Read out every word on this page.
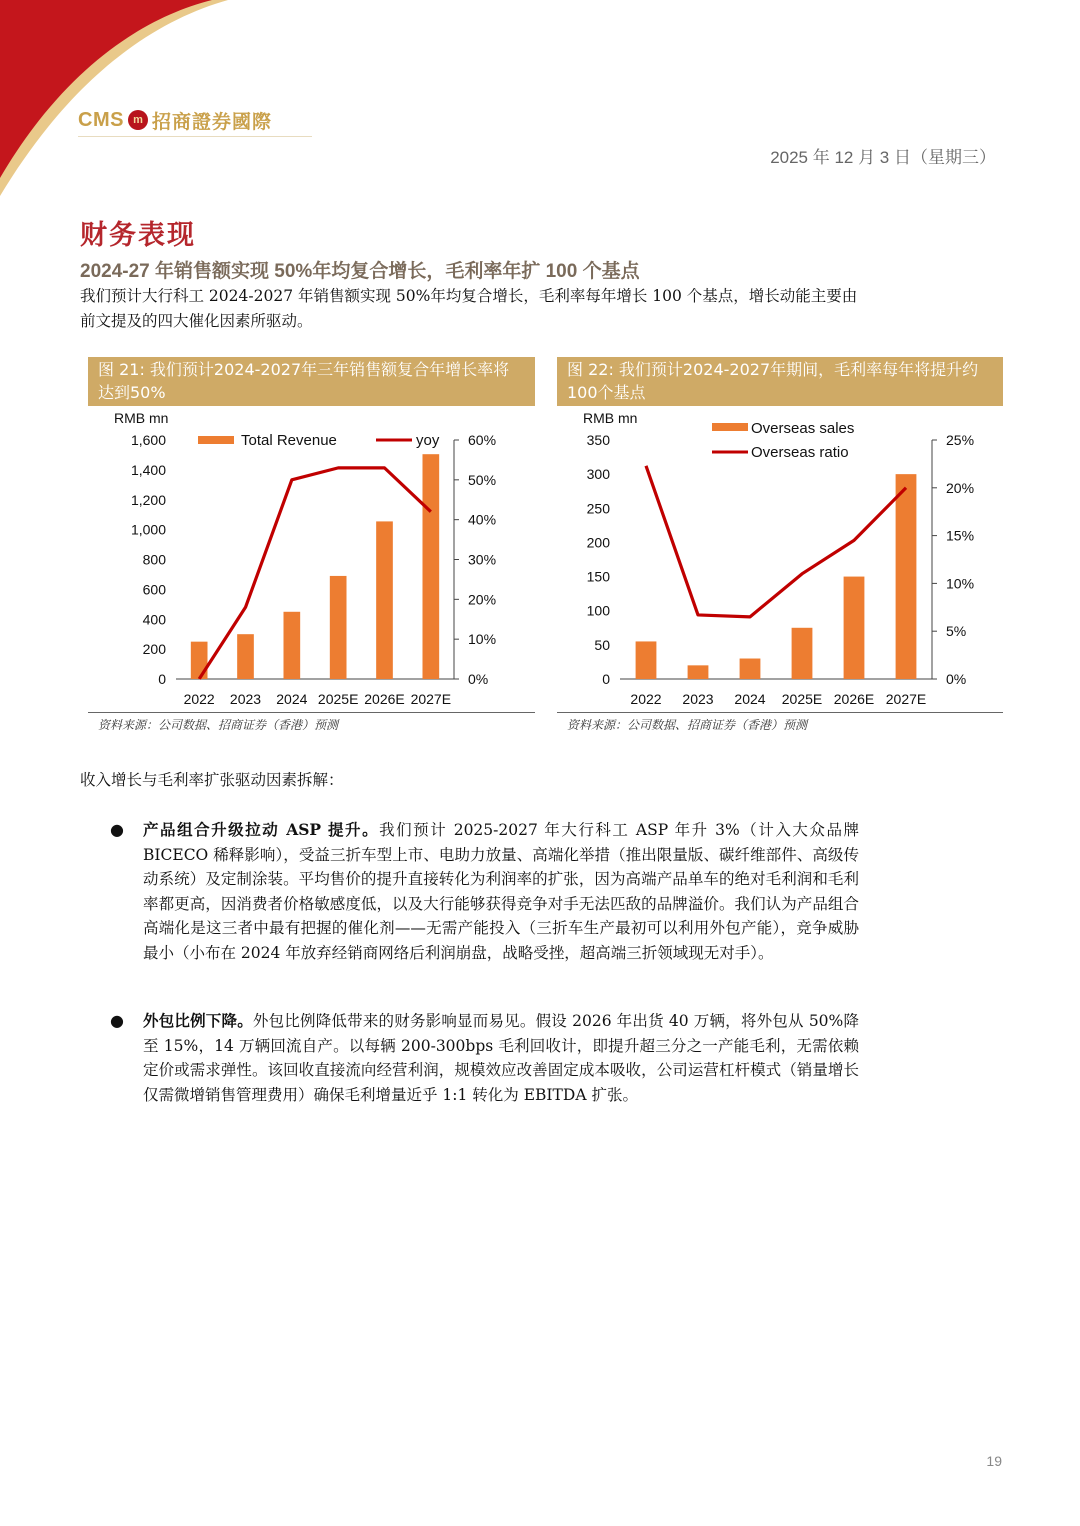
CMS m 招商證券國際
2025 年 12 月 3 日（星期三）
财务表现
2024-27 年销售额实现 50%年均复合增长，毛利率年扩 100 个基点
我们预计大行科工 2024-2027 年销售额实现 50%年均复合增长，毛利率每年增长 100 个基点，增长动能主要由前文提及的四大催化因素所驱动。
图 21: 我们预计2024-2027年三年销售额复合年增长率将达到50%
RMB mn
0
200
400
600
800
1,000
1,200
1,400
1,600
0%
10%
20%
30%
40%
50%
60%
2022 2023 2024 2025E 2026E 2027E
Total Revenue	yoy
资料来源：公司数据、招商证券（香港）预测
图 22: 我们预计2024-2027年期间，毛利率每年将提升约100个基点
RMB mn
0
50
100
150
200
250
300
350
0%
5%
10%
15%
20%
25%
2022 2023 2024 2025E 2026E 2027E
Overseas sales
Overseas ratio
资料来源：公司数据、招商证券（香港）预测
收入增长与毛利率扩张驱动因素拆解：
● 产品组合升级拉动 ASP 提升。我们预计 2025-2027 年大行科工 ASP 年升 3%（计入大众品牌 BICECO 稀释影响），受益三折车型上市、电助力放量、高端化举措（推出限量版、碳纤维部件、高级传动系统）及定制涂装。平均售价的提升直接转化为利润率的扩张，因为高端产品单车的绝对毛利润和毛利率都更高，因消费者价格敏感度低，以及大行能够获得竞争对手无法匹敌的品牌溢价。我们认为产品组合高端化是这三者中最有把握的催化剂——无需产能投入（三折车生产最初可以利用外包产能），竞争威胁最小（小布在 2024 年放弃经销商网络后利润崩盘，战略受挫，超高端三折领域现无对手）。
● 外包比例下降。外包比例降低带来的财务影响显而易见。假设 2026 年出货 40 万辆，将外包从 50%降至 15%，14 万辆回流自产。以每辆 200-300bps 毛利回收计，即提升超三分之一产能毛利，无需依赖定价或需求弹性。该回收直接流向经营利润，规模效应改善固定成本吸收，公司运营杠杆模式（销量增长仅需微增销售管理费用）确保毛利增量近乎 1:1 转化为 EBITDA 扩张。
19
